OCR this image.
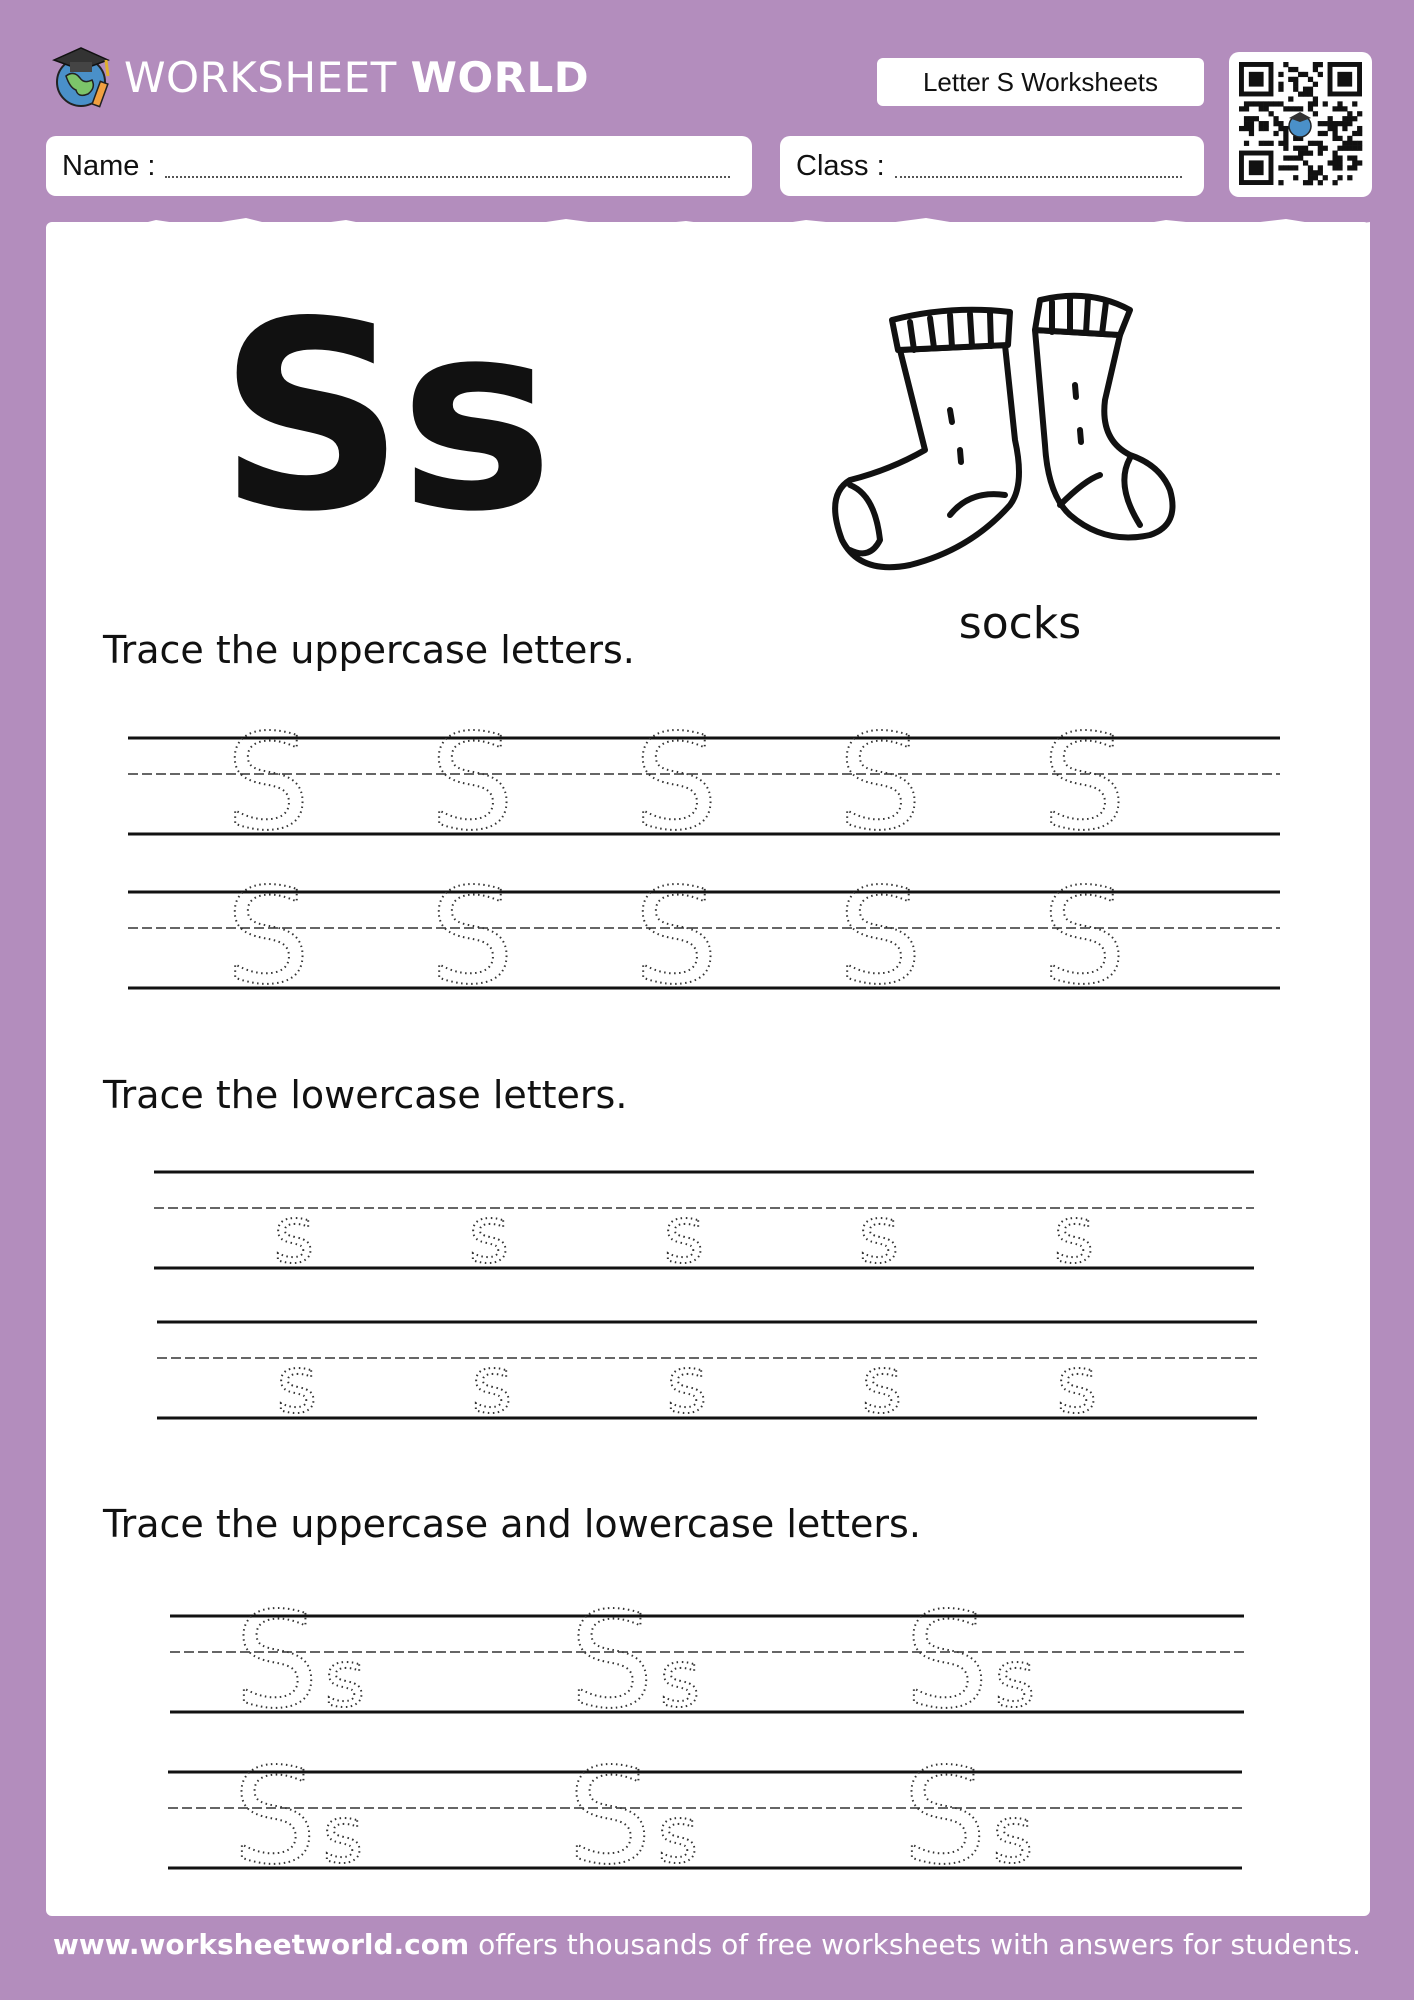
WORKSHEET WORLD	Letter S Worksheets
Name :	Class :
Ss
socks
Trace the uppercase letters.
Trace the lowercase letters.
Trace the uppercase and lowercase letters.
S S S S S
S S S S S
s s s s s
s s s s s
Ss Ss Ss
Ss Ss Ss
www.worksheetworld.com offers thousands of free worksheets with answers for students.
